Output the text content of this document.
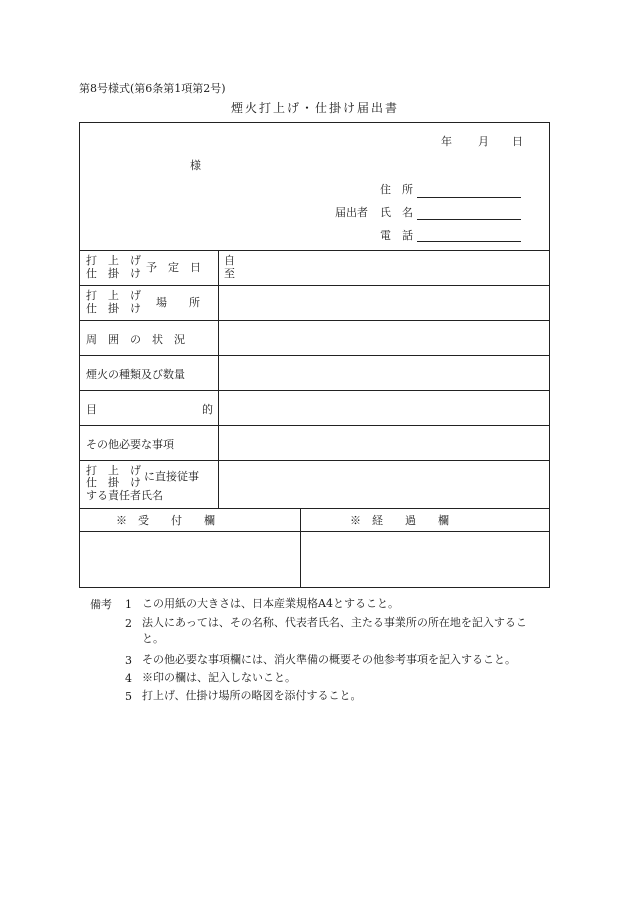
第8号様式(第6条第1項第2号)
煙火打上げ・仕掛け届出書
年 月 日
様
住　所
届出者 氏　名
電　話
打　上　げ
仕　掛　け 予　定　日
自
至
打　上　げ
仕　掛　け 場　　所
周　囲　の　状　況
煙火の種類及び数量
目	的
その他必要な事項
打　上　げ
仕　掛　け に直接従事
する責任者氏名
※　受　　付　　欄	※　経　　過　　欄
備考 1 この用紙の大きさは、日本産業規格A4とすること。
2 法人にあっては、その名称、代表者氏名、主たる事業所の所在地を記入すること。
3 その他必要な事項欄には、消火準備の概要その他参考事項を記入すること。
4 ※印の欄は、記入しないこと。
5 打上げ、仕掛け場所の略図を添付すること。
